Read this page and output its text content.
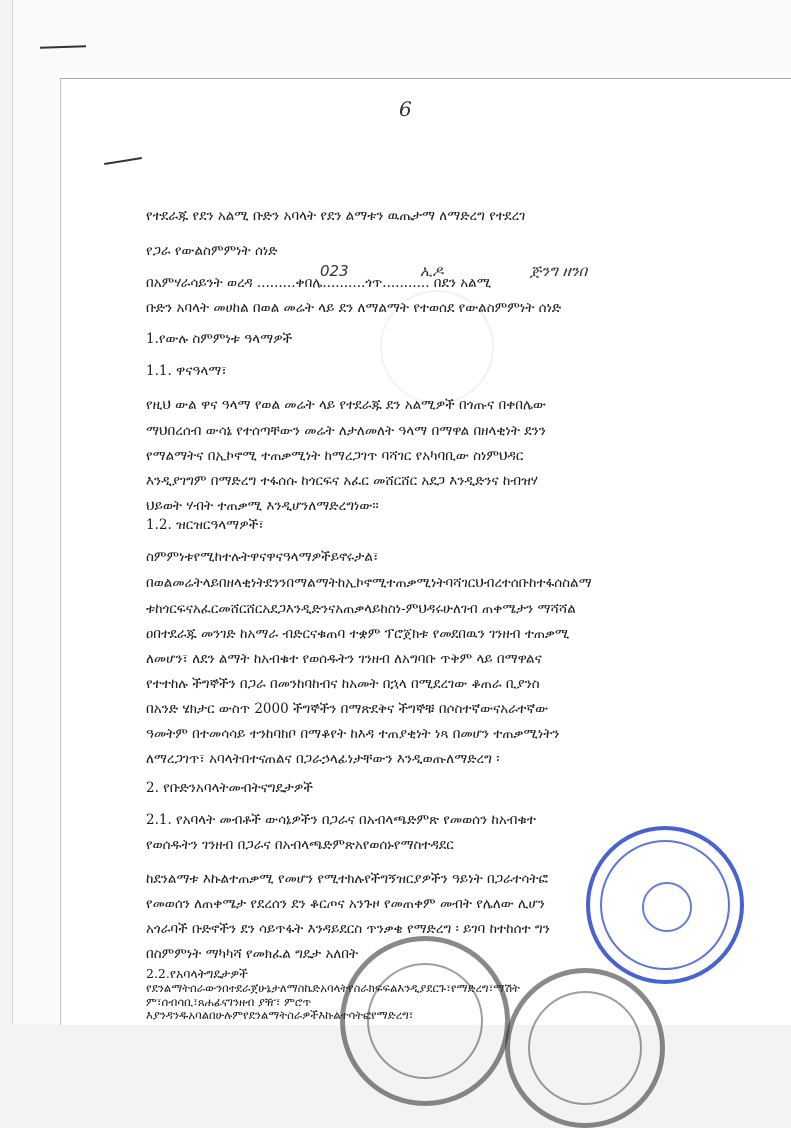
6
የተደራጁ የደን አልሚ ቡድን አባላት የደን ልማቱን ዉጤታማ ለማድረግ የተደረገ
የጋራ የውልስምምነት ሰነድ
በአምሃራሳይንት ወረዳ .........ቀበሌ..........ጎጥ........... በደን አልሚ
023	ኢዶ	ጅንግ ዘንበ
ቡድን አባላት መሀከል በወል መሬት ላይ ደን ለማልማት የተወሰደ የውልስምምነት ሰነድ
1.የውሉ ስምምነቱ ዓላማዎች
1.1. ዋናዓላማ፣
የዚህ ውል ዋና ዓላማ የወል መሬት ላይ የተደራጁ ደን አልሚዎች በጎጡና በቀበሌው
ማህበረሰብ ውሳኔ የተሰጣቸውን መሬት ለታለመለት ዓላማ በማዋል በዘላቂነት ደንን
የማልማትና በኢኮኖሚ ተጠቃሚነት ከማረጋገጥ ባሻገር የአካባቢው ስነምህዳር
እንዲያገግም በማድረግ ተፋሰሱ ከጎርፍና አፈር መሸርሸር አደጋ እንዲድንና ከብዝሃ
ህይወት ሃብት ተጠቃሚ እንዲሆንለማድረግነው፡፡
1.2. ዝርዝርዓላማዎች፣
ስምምነቱየሚከተሉትዋናዋናዓላማዎችይኖሩታል፣
በወልመሬትላይበዘላቂነትደንንበማልማትከኢኮኖሚተጠቃሚነትባሻገርህብረተሰቡከተፋሰስልማ
ቱከጎርፍናአፈርመሸርሸርአደጋእንዲድንናአጠቃላይከስነ-ምህዳሩሁለገብ ጠቀሜታን ማሻሻል
ዐበተደራጁ መንገድ ከአማራ ብድርናቁጠባ ተቋም ፕሮጀክቱ የመደበዉን ገንዘብ ተጠቃሚ
ለመሆን፣ ለደን ልማት ከአብቁተ የወሰዱትን ገንዘብ ለአግባቡ ጥቅም ላይ በማዋልና
የተተከሉ ችግኞችን በጋራ በመንከባከብና ከአመት በኋላ በሚደረገው ቆጠራ ቢያንስ
በአንድ ሄክታር ውስጥ 2000 ችግኞችን በማጽደቅና ችግኞቹ በሶስተኛውናአራተኛው
ዓመትም በተመሳሳይ ተንከባክቦ በማቆየት ከእዳ ተጠያቂነት ነጻ በመሆን ተጠቃሚነትን
ለማረጋገጥ፣ አባላትበተናጠልና በጋራኃላፊነታቸውን እንዲወጡለማድረግ ፡
2. የቡድንአባላትመብትናግዴታዎች
2.1. የአባላት መብቶች ውሳኔዎችን በጋራና በአብላጫድምጽ የመወሰን ከአብቁተ
የወሰዱትን ገንዘብ በጋራና በአብላጫድምጽአየወሰኑየማስተዳደር
ከደንልማቱ እኩልተጠቃሚ የመሆን የሚተክሉየችግኝዝርያዎችን ዓይነት በጋራተሳትፎ
የመወሰን ለጠቀሜታ የደረሰን ደን ቆርጦና አንጉዞ የመጠቀም መብት የሌለው ሊሆን
አጎራባች ቡድኖችን ደን ሳይጥፋት እንዳይደርስ ጥንቃቄ የማድረግ ፡ ይገባ ከተከሰተ ግን
በስምምነት ማካካሻ የመክፈል ግዴታ አለበት
2.2.የአባላትግዴታዎች
የደንልማትሰራውንበተደራጀሁኔታለማስኬድአባላትየስራክፍፍልእንዲያደርጉ፣የማድረግ፣ማሽት
ም፣ሰብሳቢ፣ጸሐፊናገንዘብ ያዥ፣ ምሮጥ
እያንዳንዱአባልበሁሉምየደንልማትስራዎችእኩልተሳትፎየማድረግ፣
